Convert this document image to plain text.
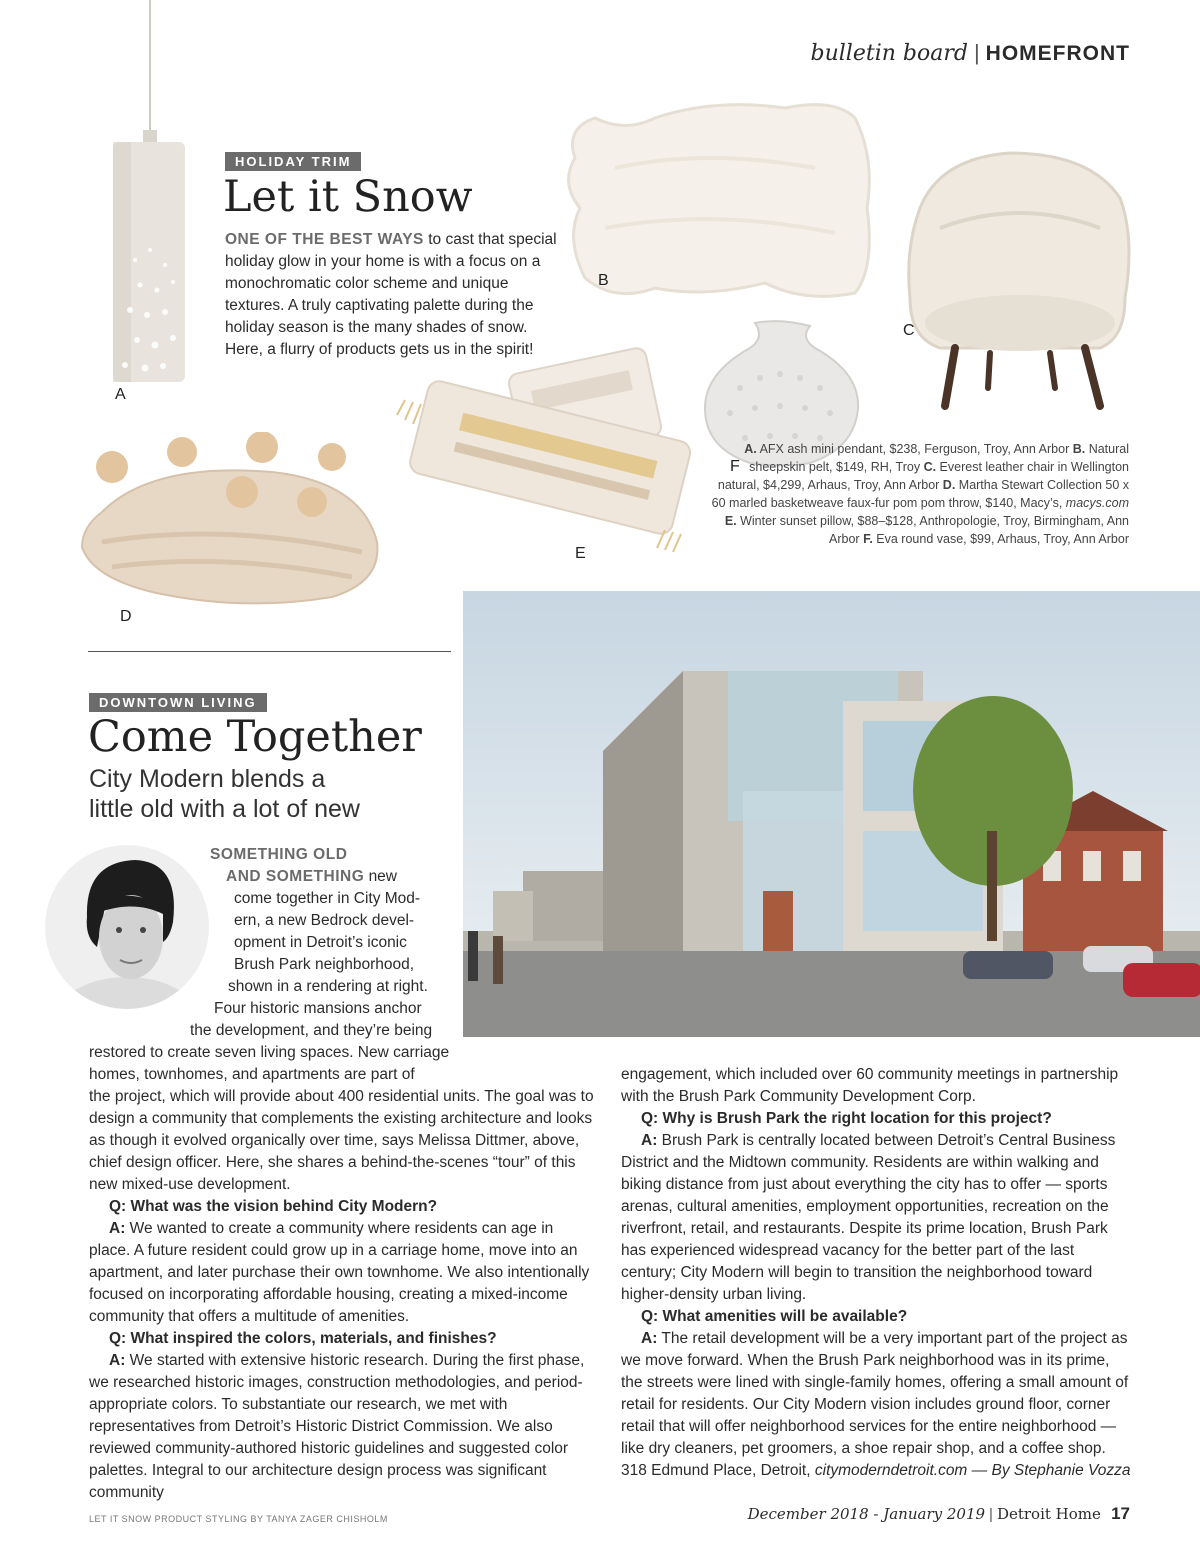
bulletin board | HOMEFRONT
A
B
C
F
E
D
HOLIDAY TRIM
Let it Snow
ONE OF THE BEST WAYS to cast that special holiday glow in your home is with a focus on a monochromatic color scheme and unique textures. A truly captivating palette during the holiday season is the many shades of snow. Here, a flurry of products gets us in the spirit!
A. AFX ash mini pendant, $238, Ferguson, Troy, Ann Arbor B. Natural sheepskin pelt, $149, RH, Troy C. Everest leather chair in Wellington natural, $4,299, Arhaus, Troy, Ann Arbor D. Martha Stewart Collection 50 x 60 marled basketweave faux-fur pom pom throw, $140, Macy’s, macys.com E. Winter sunset pillow, $88–$128, Anthropologie, Troy, Birmingham, Ann Arbor F. Eva round vase, $99, Arhaus, Troy, Ann Arbor
DOWNTOWN LIVING
Come Together
City Modern blends a
little old with a lot of new
SOMETHING OLD
AND SOMETHING new
come together in City Mod-
ern, a new Bedrock devel-
opment in Detroit’s iconic
Brush Park neighborhood,
shown in a rendering at right.
Four historic mansions anchor
the development, and they’re being
restored to create seven living spaces. New carriage
homes, townhomes, and apartments are part of

the project, which will provide about 400 residential units. The goal was to design a community that complements the existing architecture and looks as though it evolved organically over time, says Melissa Dittmer, above, chief design officer. Here, she shares a behind-the-scenes “tour” of this new mixed-use development.

Q: What was the vision behind City Modern?

A: We wanted to create a community where residents can age in place. A future resident could grow up in a carriage home, move into an apartment, and later purchase their own townhome. We also intentionally focused on incorporating affordable housing, creating a mixed-income community that offers a multitude of amenities.

Q: What inspired the colors, materials, and finishes?

A: We started with extensive historic research. During the first phase, we researched historic images, construction methodologies, and period-appropriate colors. To substantiate our research, we met with representatives from Detroit’s Historic District Commission. We also reviewed community-authored historic guidelines and suggested color palettes. Integral to our architecture design process was significant community

engagement, which included over 60 community meetings in partnership with the Brush Park Community Development Corp.

Q: Why is Brush Park the right location for this project?

A: Brush Park is centrally located between Detroit’s Central Business District and the Midtown community. Residents are within walking and biking distance from just about everything the city has to offer — sports arenas, cultural amenities, employment opportunities, recreation on the riverfront, retail, and restaurants. Despite its prime location, Brush Park has experienced widespread vacancy for the better part of the last century; City Modern will begin to transition the neighborhood toward higher-density urban living.

Q: What amenities will be available?

A: The retail development will be a very important part of the project as we move forward. When the Brush Park neighborhood was in its prime, the streets were lined with single-family homes, offering a small amount of retail for residents. Our City Modern vision includes ground floor, corner retail that will offer neighborhood services for the entire neighborhood — like dry cleaners, pet groomers, a shoe repair shop, and a coffee shop. 318 Edmund Place, Detroit, citymoderndetroit.com — By Stephanie Vozza

LET IT SNOW PRODUCT STYLING BY TANYA ZAGER CHISHOLM	December 2018 - January 2019 | Detroit Home 17
